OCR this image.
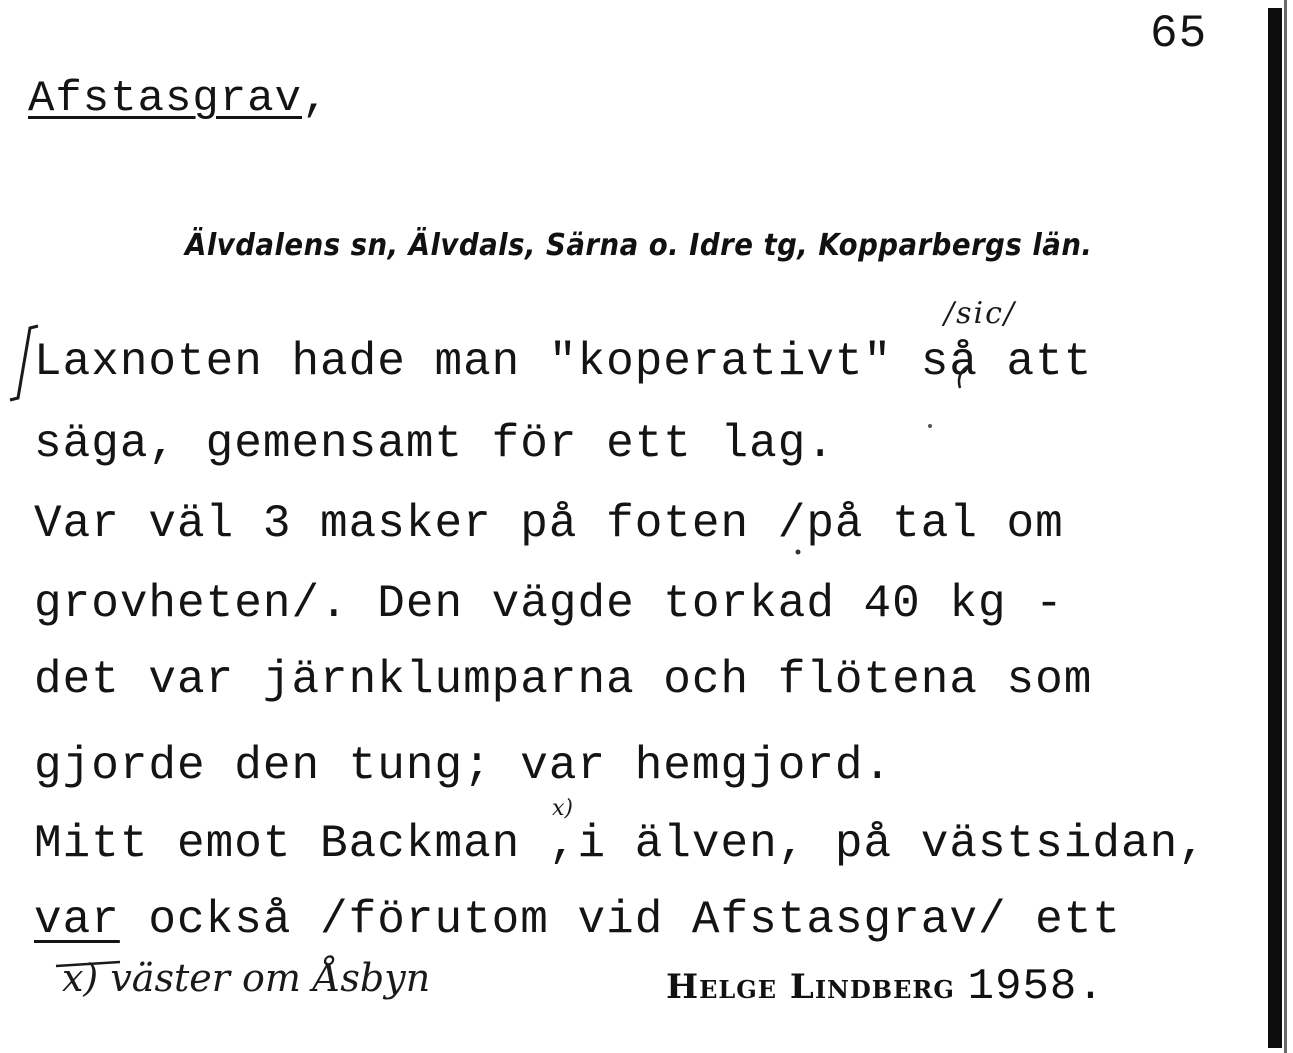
65
Afstasgrav,
Älvdalens sn, Älvdals, Särna o. Idre tg, Kopparbergs län.
/sic/
Laxnoten hade man "koperativt" så att
säga, gemensamt för ett lag.
Var väl 3 masker på foten /på tal om
grovheten/. Den vägde torkad 40 kg -
det var järnklumparna och flötena som
gjorde den tung; var hemgjord.
Mitt emot Backman ,i älven, på västsidan,
x)
var också /förutom vid Afstasgrav/ ett
x) väster om Åsbyn	Helge Lindberg 1958.
